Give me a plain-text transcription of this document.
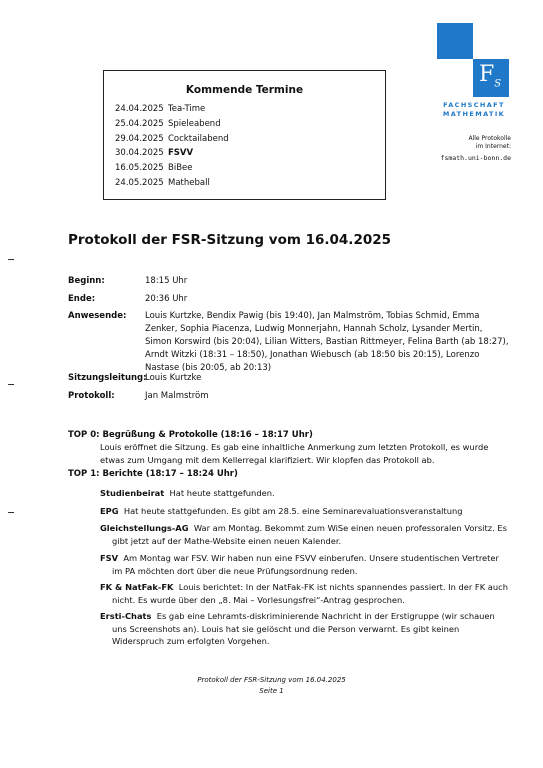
$F_S$
FACHSCHAFT
MATHEMATIK
Alle Protokolle
im Internet:
fsmath.uni-bonn.de
Kommende Termine
24.04.2025 Tea-Time
25.04.2025 Spieleabend
29.04.2025 Cocktailabend
30.04.2025 FSVV
16.05.2025 BiBee
24.05.2025 Matheball
Protokoll der FSR-Sitzung vom 16.04.2025
Beginn:	18:15 Uhr
Ende:	20:36 Uhr
Anwesende: Louis Kurtzke, Bendix Pawig (bis 19:40), Jan Malmström, Tobias Schmid, Emma Zenker, Sophia Piacenza, Ludwig Monnerjahn, Hannah Scholz, Lysander Mertin, Simon Korswird (bis 20:04), Lilian Witters, Bastian Rittmeyer, Felina Barth (ab 18:27), Arndt Witzki (18:31 – 18:50), Jonathan Wiebusch (ab 18:50 bis 20:15), Lorenzo Nastase (bis 20:05, ab 20:13)
Sitzungsleitung:
Louis Kurtzke
Protokoll:	Jan Malmström
TOP 0: Begrüßung & Protokolle (18:16 – 18:17 Uhr)
Louis eröffnet die Sitzung. Es gab eine inhaltliche Anmerkung zum letzten Protokoll, es wurde etwas zum Umgang mit dem Kellerregal klarifiziert. Wir klopfen das Protokoll ab.
TOP 1: Berichte (18:17 – 18:24 Uhr)
Studienbeirat Hat heute stattgefunden.
EPG Hat heute stattgefunden. Es gibt am 28.5. eine Seminarevaluationsveranstaltung
Gleichstellungs-AG War am Montag. Bekommt zum WiSe einen neuen professoralen Vorsitz. Es gibt jetzt auf der Mathe-Website einen neuen Kalender.
FSV Am Montag war FSV. Wir haben nun eine FSVV einberufen. Unsere studentischen Vertreter im PA möchten dort über die neue Prüfungsordnung reden.
FK & NatFak-FK Louis berichtet: In der NatFak-FK ist nichts spannendes passiert. In der FK auch nicht. Es wurde über den „8. Mai – Vorlesungsfrei“-Antrag gesprochen.
Ersti-Chats Es gab eine Lehramts-diskriminierende Nachricht in der Erstigruppe (wir schauen uns Screenshots an). Louis hat sie gelöscht und die Person verwarnt. Es gibt keinen Widerspruch zum erfolgten Vorgehen.
Protokoll der FSR-Sitzung vom 16.04.2025
Seite 1
